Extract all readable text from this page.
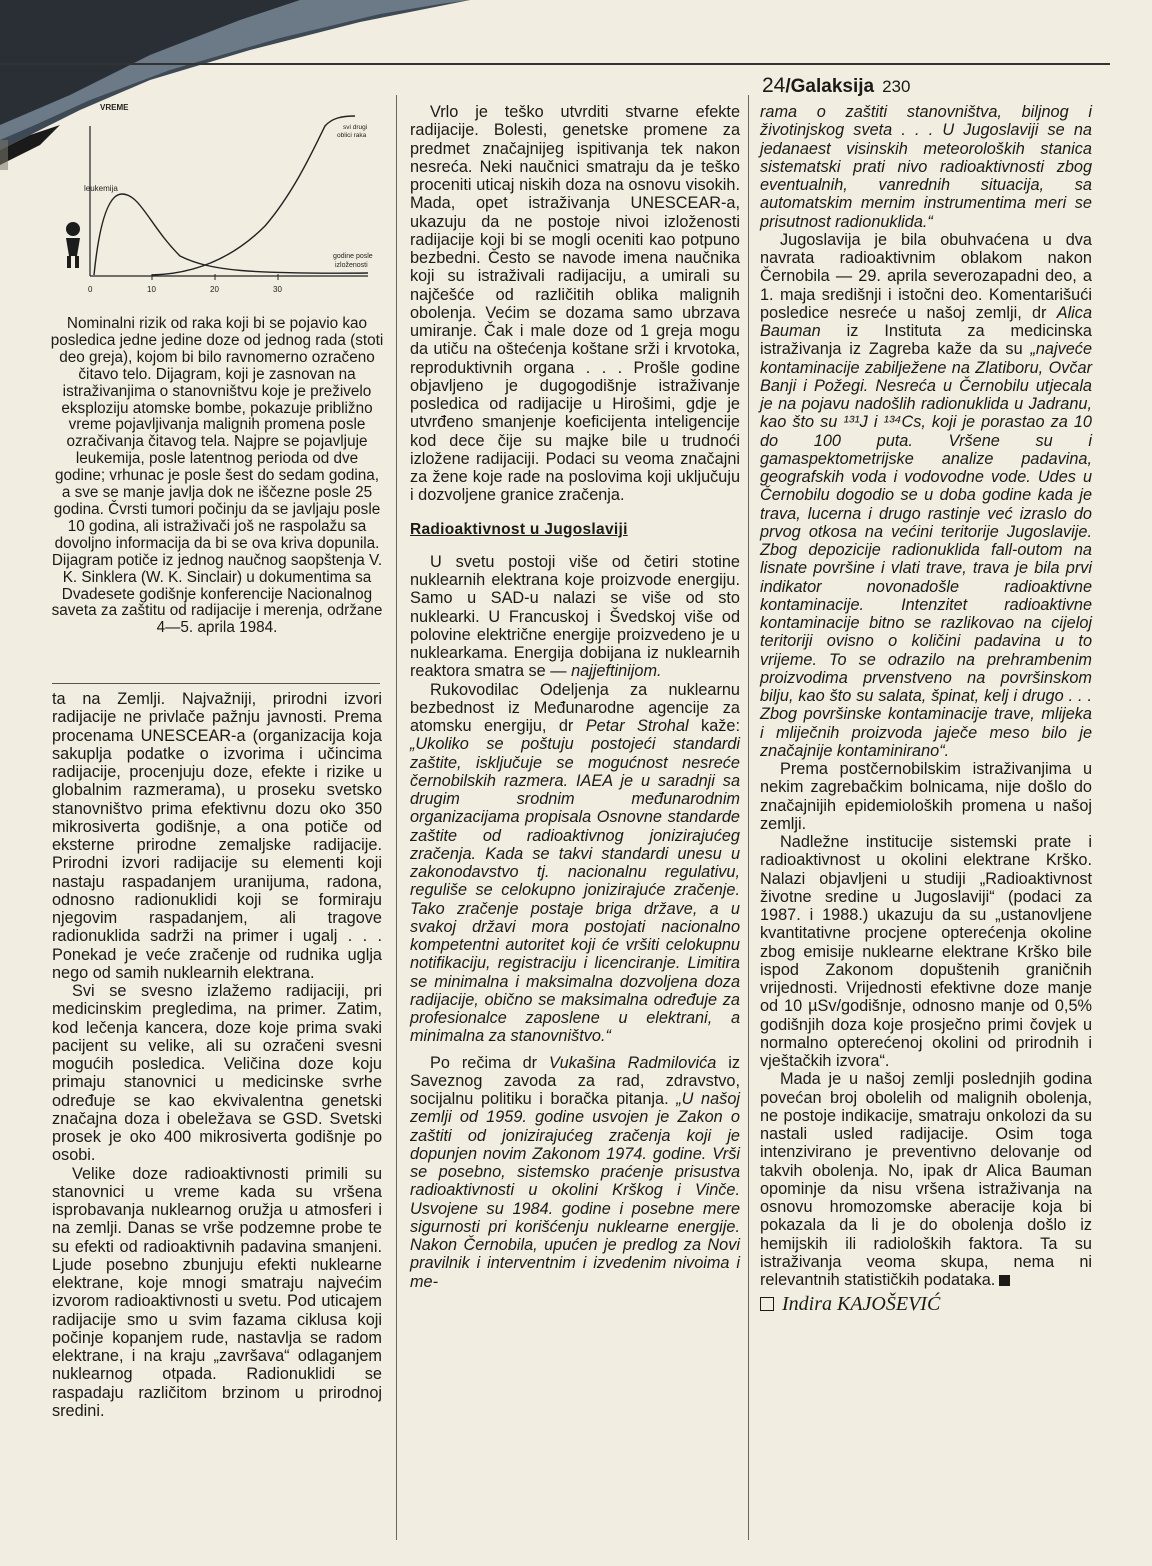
24/Galaksija 230
VREME
leukemija
svi drugi
oblici raka
godine posle
izloženosti
0	10	20	30
Nominalni rizik od raka koji bi se pojavio kao posledica jedne jedine doze od jednog rada (stoti deo greja), kojom bi bilo ravnomerno ozračeno čitavo telo. Dijagram, koji je zasnovan na istraživanjima o stanovništvu koje je preživelo eksploziju atomske bombe, pokazuje približno vreme pojavljivanja malignih promena posle ozračivanja čitavog tela. Najpre se pojavljuje leukemija, posle latentnog perioda od dve godine; vrhunac je posle šest do sedam godina, a sve se manje javlja dok ne iščezne posle 25 godina. Čvrsti tumori počinju da se javljaju posle 10 godina, ali istraživači još ne raspolažu sa dovoljno informacija da bi se ova kriva dopunila. Dijagram potiče iz jednog naučnog saopštenja V. K. Sinklera (W. K. Sinclair) u dokumentima sa Dvadesete godišnje konferencije Nacionalnog saveta za zaštitu od radijacije i merenja, održane 4—5. aprila 1984.

ta na Zemlji. Najvažniji, prirodni izvori radijacije ne privlače pažnju javnosti. Prema procenama UNESCEAR-a (organizacija koja sakuplja podatke o izvorima i učincima radijacije, procenjuju doze, efekte i rizike u globalnim razmerama), u proseku svetsko stanovništvo prima efektivnu dozu oko 350 mikrosiverta godišnje, a ona potiče od eksterne prirodne zemaljske radijacije. Prirodni izvori radijacije su elementi koji nastaju raspadanjem uranijuma, radona, odnosno radionuklidi koji se formiraju njegovim raspadanjem, ali tragove radionuklida sadrži na primer i ugalj . . . Ponekad je veće zračenje od rudnika uglja nego od samih nuklearnih elektrana.

Svi se svesno izlažemo radijaciji, pri medicinskim pregledima, na primer. Zatim, kod lečenja kancera, doze koje prima svaki pacijent su velike, ali su ozračeni svesni mogućih posledica. Veličina doze koju primaju stanovnici u medicinske svrhe određuje se kao ekvivalentna genetski značajna doza i obeležava se GSD. Svetski prosek je oko 400 mikrosiverta godišnje po osobi.

Velike doze radioaktivnosti primili su stanovnici u vreme kada su vršena isprobavanja nuklearnog oružja u atmosferi i na zemlji. Danas se vrše podzemne probe te su efekti od radioaktivnih padavina smanjeni. Ljude posebno zbunjuju efekti nuklearne elektrane, koje mnogi smatraju najvećim izvorom radioaktivnosti u svetu. Pod uticajem radijacije smo u svim fazama ciklusa koji počinje kopanjem rude, nastavlja se radom elektrane, i na kraju „završava“ odlaganjem nuklearnog otpada. Radionuklidi se raspadaju različitom brzinom u prirodnoj sredini.

Vrlo je teško utvrditi stvarne efekte radijacije. Bolesti, genetske promene za predmet značajnijeg ispitivanja tek nakon nesreća. Neki naučnici smatraju da je teško proceniti uticaj niskih doza na osnovu visokih. Mada, opet istraživanja UNESCEAR-a, ukazuju da ne postoje nivoi izloženosti radijacije koji bi se mogli oceniti kao potpuno bezbedni. Često se navode imena naučnika koji su istraživali radijaciju, a umirali su najčešće od različitih oblika malignih obolenja. Većim se dozama samo ubrzava umiranje. Čak i male doze od 1 greja mogu da utiču na oštećenja koštane srži i krvotoka, reproduktivnih organa . . . Prošle godine objavljeno je dugogodišnje istraživanje posledica od radijacije u Hirošimi, gdje je utvrđeno smanjenje koeficijenta inteligencije kod dece čije su majke bile u trudnoći izložene radijaciji. Podaci su veoma značajni za žene koje rade na poslovima koji uključuju i dozvoljene granice zračenja.

Radioaktivnost u Jugoslaviji

U svetu postoji više od četiri stotine nuklearnih elektrana koje proizvode energiju. Samo u SAD-u nalazi se više od sto nuklearki. U Francuskoj i Švedskoj više od polovine električne energije proizvedeno je u nuklearkama. Energija dobijana iz nuklearnih reaktora smatra se — najjeftinijom.

Rukovodilac Odeljenja za nuklearnu bezbednost iz Međunarodne agencije za atomsku energiju, dr Petar Strohal kaže: „Ukoliko se poštuju postojeći standardi zaštite, isključuje se mogućnost nesreće černobilskih razmera. IAEA je u saradnji sa drugim srodnim međunarodnim organizacijama propisala Osnovne standarde zaštite od radioaktivnog jonizirajućeg zračenja. Kada se takvi standardi unesu u zakonodavstvo tj. nacionalnu regulativu, reguliše se celokupno jonizirajuće zračenje. Tako zračenje postaje briga države, a u svakoj državi mora postojati nacionalno kompetentni autoritet koji će vršiti celokupnu notifikaciju, registraciju i licenciranje. Limitira se minimalna i maksimalna dozvoljena doza radijacije, obično se maksimalna određuje za profesionalce zaposlene u elektrani, a minimalna za stanovništvo.“

Po rečima dr Vukašina Radmilovića iz Saveznog zavoda za rad, zdravstvo, socijalnu politiku i boračka pitanja. „U našoj zemlji od 1959. godine usvojen je Zakon o zaštiti od jonizirajućeg zračenja koji je dopunjen novim Zakonom 1974. godine. Vrši se posebno, sistemsko praćenje prisustva radioaktivnosti u okolini Krškog i Vinče. Usvojene su 1984. godine i posebne mere sigurnosti pri korišćenju nuklearne energije. Nakon Černobila, upućen je predlog za Novi pravilnik i interventnim i izvedenim nivoima i me-

rama o zaštiti stanovništva, biljnog i životinjskog sveta . . . U Jugoslaviji se na jedanaest visinskih meteoroloških stanica sistematski prati nivo radioaktivnosti zbog eventualnih, vanrednih situacija, sa automatskim mernim instrumentima meri se prisutnost radionuklida.“

Jugoslavija je bila obuhvaćena u dva navrata radioaktivnim oblakom nakon Černobila — 29. aprila severozapadni deo, a 1. maja središnji i istočni deo. Komentarišući posledice nesreće u našoj zemlji, dr Alica Bauman iz Instituta za medicinska istraživanja iz Zagreba kaže da su „najveće kontaminacije zabilježene na Zlatiboru, Ovčar Banji i Požegi. Nesreća u Černobilu utjecala je na pojavu nadošlih radionuklida u Jadranu, kao što su ¹³¹J i ¹³⁴Cs, koji je porastao za 10 do 100 puta. Vršene su i gamaspektometrijske analize padavina, geografskih voda i vodovodne vode. Udes u Černobilu dogodio se u doba godine kada je trava, lucerna i drugo rastinje već izraslo do prvog otkosa na većini teritorije Jugoslavije. Zbog depozicije radionuklida fall-outom na lisnate površine i vlati trave, trava je bila prvi indikator novonadošle radioaktivne kontaminacije. Intenzitet radioaktivne kontaminacije bitno se razlikovao na cijeloj teritoriji ovisno o količini padavina u to vrijeme. To se odrazilo na prehrambenim proizvodima prvenstveno na površinskom bilju, kao što su salata, špinat, kelj i drugo . . . Zbog površinske kontaminacije trave, mlijeka i mliječnih proizvoda jaječe meso bilo je značajnije kontaminirano“.

Prema postčernobilskim istraživanjima u nekim zagrebačkim bolnicama, nije došlo do značajnijih epidemioloških promena u našoj zemlji.

Nadležne institucije sistemski prate i radioaktivnost u okolini elektrane Krško. Nalazi objavljeni u studiji „Radioaktivnost životne sredine u Jugoslaviji“ (podaci za 1987. i 1988.) ukazuju da su „ustanovljene kvantitativne procjene opterećenja okoline zbog emisije nuklearne elektrane Krško bile ispod Zakonom dopuštenih graničnih vrijednosti. Vrijednosti efektivne doze manje od 10 µSv/godišnje, odnosno manje od 0,5% godišnjih doza koje prosječno primi čovjek u normalno opterećenoj okolini od prirodnih i vještačkih izvora“.

Mada je u našoj zemlji poslednjih godina povećan broj obolelih od malignih obolenja, ne postoje indikacije, smatraju onkolozi da su nastali usled radijacije. Osim toga intenzivirano je preventivno delovanje od takvih obolenja. No, ipak dr Alica Bauman opominje da nisu vršena istraživanja na osnovu hromozomske aberacije koja bi pokazala da li je do obolenja došlo iz hemijskih ili radioloških faktora. Ta su istraživanja veoma skupa, nema ni relevantnih statističkih podataka.

Indira KAJOŠEVIĆ
